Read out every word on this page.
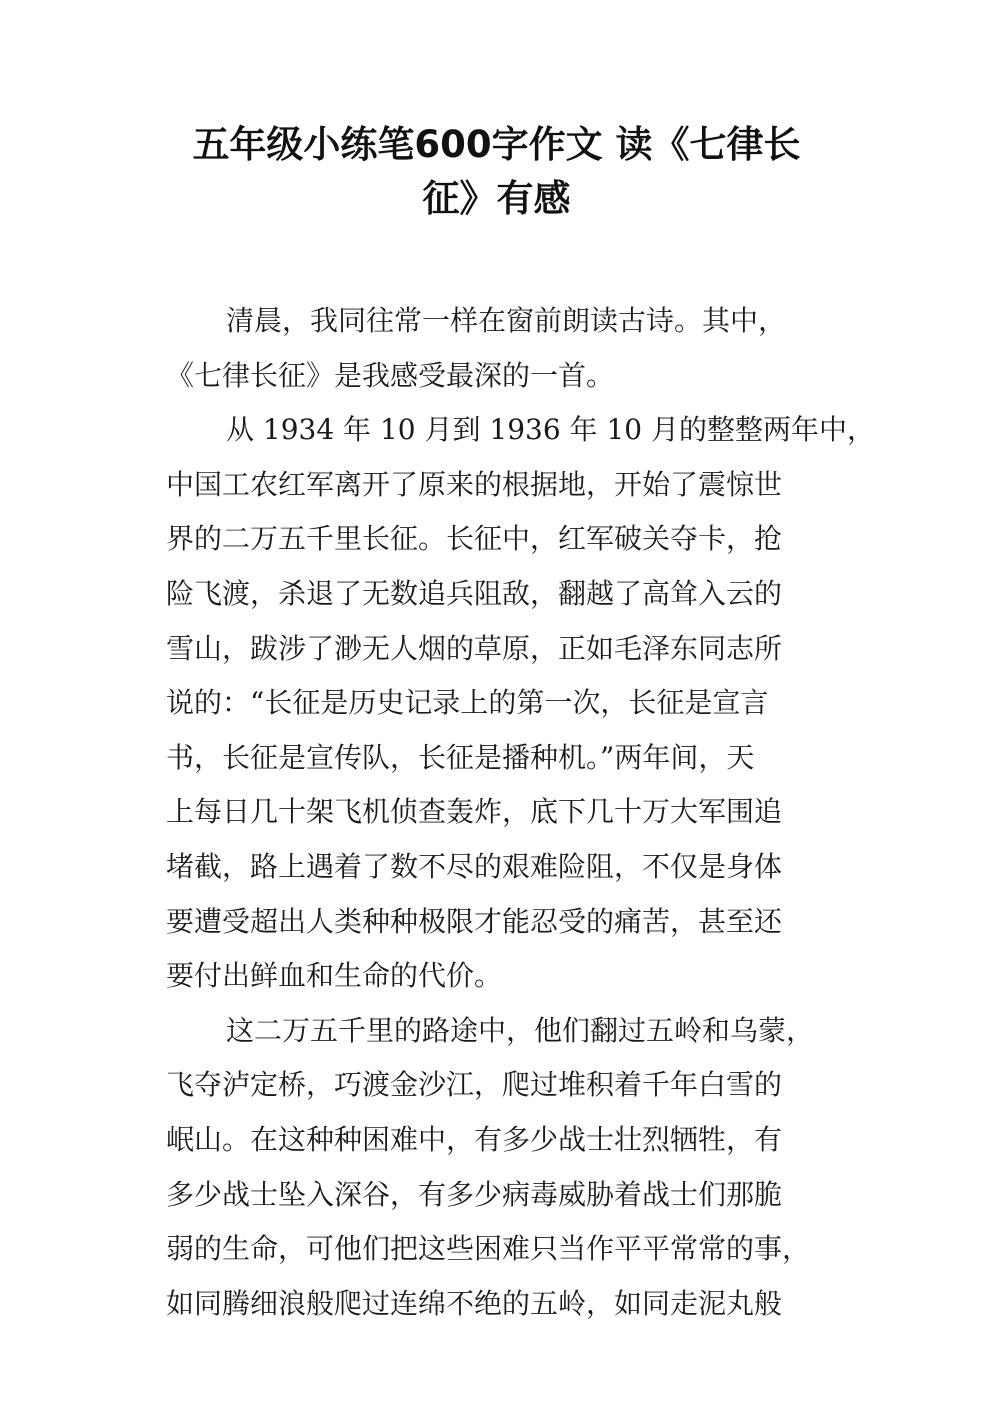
五年级小练笔600字作文 读《七律长
征》有感
清晨，我同往常一样在窗前朗读古诗。其中，
《七律长征》是我感受最深的一首。
从 1934 年 10 月到 1936 年 10 月的整整两年中，
中国工农红军离开了原来的根据地，开始了震惊世
界的二万五千里长征。长征中，红军破关夺卡，抢
险飞渡，杀退了无数追兵阻敌，翻越了高耸入云的
雪山，跋涉了渺无人烟的草原，正如毛泽东同志所
说的：“长征是历史记录上的第一次，长征是宣言
书，长征是宣传队，长征是播种机。”两年间，天
上每日几十架飞机侦查轰炸，底下几十万大军围追
堵截，路上遇着了数不尽的艰难险阻，不仅是身体
要遭受超出人类种种极限才能忍受的痛苦，甚至还
要付出鲜血和生命的代价。
这二万五千里的路途中，他们翻过五岭和乌蒙，
飞夺泸定桥，巧渡金沙江，爬过堆积着千年白雪的
岷山。在这种种困难中，有多少战士壮烈牺牲，有
多少战士坠入深谷，有多少病毒威胁着战士们那脆
弱的生命，可他们把这些困难只当作平平常常的事，
如同腾细浪般爬过连绵不绝的五岭，如同走泥丸般
